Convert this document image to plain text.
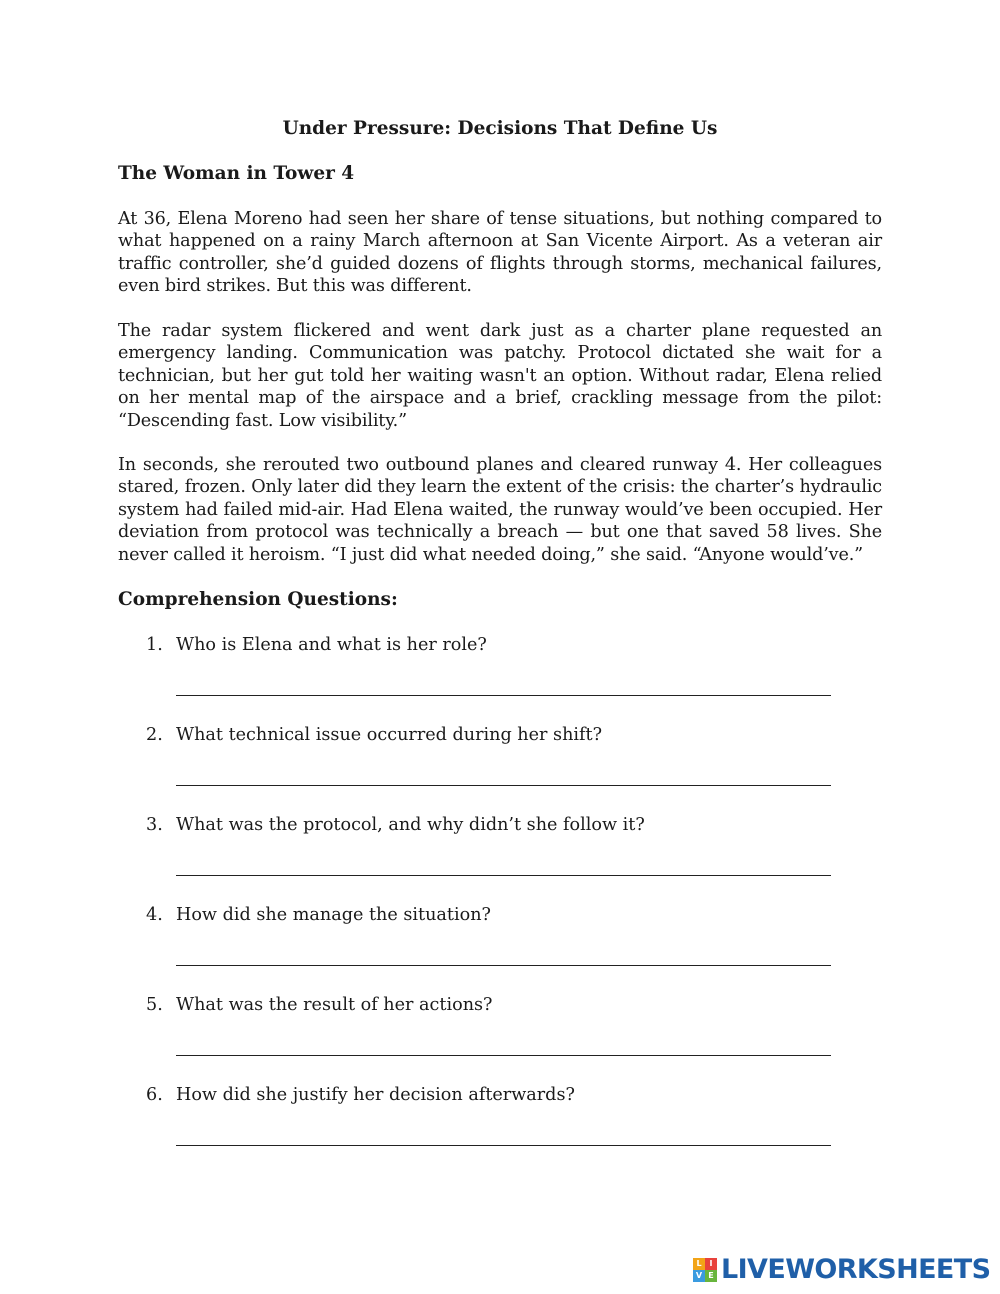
Under Pressure: Decisions That Define Us
The Woman in Tower 4

At 36, Elena Moreno had seen her share of tense situations, but nothing compared to what happened on a rainy March afternoon at San Vicente Airport. As a veteran air traffic controller, she’d guided dozens of flights through storms, mechanical failures, even bird strikes. But this was different.

The radar system flickered and went dark just as a charter plane requested an emergency landing. Communication was patchy. Protocol dictated she wait for a technician, but her gut told her waiting wasn't an option. Without radar, Elena relied on her mental map of the airspace and a brief, crackling message from the pilot: “Descending fast. Low visibility.”

In seconds, she rerouted two outbound planes and cleared runway 4. Her colleagues stared, frozen. Only later did they learn the extent of the crisis: the charter’s hydraulic system had failed mid-air. Had Elena waited, the runway would’ve been occupied. Her deviation from protocol was technically a breach — but one that saved 58 lives. She never called it heroism. “I just did what needed doing,” she said. “Anyone would’ve.”

Comprehension Questions:
1. Who is Elena and what is her role?
2. What technical issue occurred during her shift?
3. What was the protocol, and why didn’t she follow it?
4. How did she manage the situation?
5. What was the result of her actions?
6. How did she justify her decision afterwards?
L I
V E LIVEWORKSHEETS
